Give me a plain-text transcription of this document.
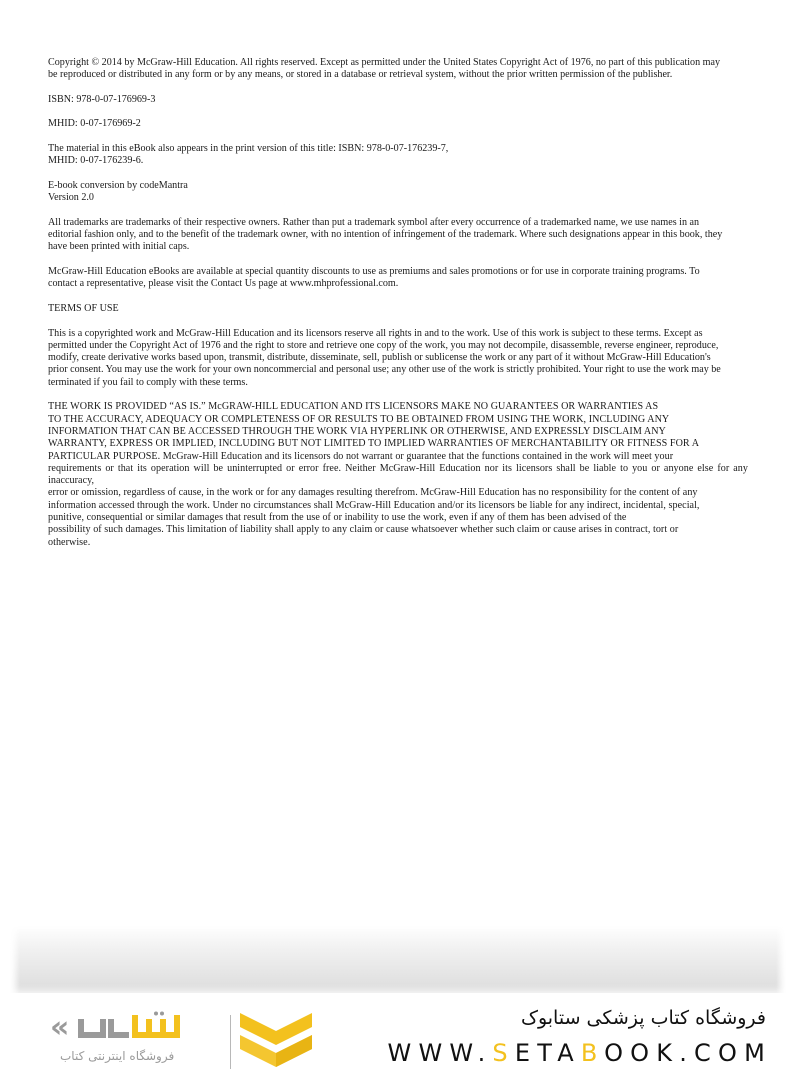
Copyright © 2014 by McGraw-Hill Education. All rights reserved. Except as permitted under the United States Copyright Act of 1976, no part of this publication may
be reproduced or distributed in any form or by any means, or stored in a database or retrieval system, without the prior written permission of the publisher.

ISBN: 978-0-07-176969-3

MHID: 0-07-176969-2

The material in this eBook also appears in the print version of this title: ISBN: 978-0-07-176239-7,
MHID: 0-07-176239-6.

E-book conversion by codeMantra
Version 2.0

All trademarks are trademarks of their respective owners. Rather than put a trademark symbol after every occurrence of a trademarked name, we use names in an
editorial fashion only, and to the benefit of the trademark owner, with no intention of infringement of the trademark. Where such designations appear in this book, they
have been printed with initial caps.

McGraw-Hill Education eBooks are available at special quantity discounts to use as premiums and sales promotions or for use in corporate training programs. To
contact a representative, please visit the Contact Us page at www.mhprofessional.com.

TERMS OF USE

This is a copyrighted work and McGraw-Hill Education and its licensors reserve all rights in and to the work. Use of this work is subject to these terms. Except as
permitted under the Copyright Act of 1976 and the right to store and retrieve one copy of the work, you may not decompile, disassemble, reverse engineer, reproduce,
modify, create derivative works based upon, transmit, distribute, disseminate, sell, publish or sublicense the work or any part of it without McGraw-Hill Education's
prior consent. You may use the work for your own noncommercial and personal use; any other use of the work is strictly prohibited. Your right to use the work may be
terminated if you fail to comply with these terms.

THE WORK IS PROVIDED “AS IS.” McGRAW-HILL EDUCATION AND ITS LICENSORS MAKE NO GUARANTEES OR WARRANTIES AS
TO THE ACCURACY, ADEQUACY OR COMPLETENESS OF OR RESULTS TO BE OBTAINED FROM USING THE WORK, INCLUDING ANY
INFORMATION THAT CAN BE ACCESSED THROUGH THE WORK VIA HYPERLINK OR OTHERWISE, AND EXPRESSLY DISCLAIM ANY
WARRANTY, EXPRESS OR IMPLIED, INCLUDING BUT NOT LIMITED TO IMPLIED WARRANTIES OF MERCHANTABILITY OR FITNESS FOR A
PARTICULAR PURPOSE. McGraw-Hill Education and its licensors do not warrant or guarantee that the functions contained in the work will meet your
requirements or that its operation will be uninterrupted or error free. Neither McGraw-Hill Education nor its licensors shall be liable to you or anyone else for any inaccuracy,
error or omission, regardless of cause, in the work or for any damages resulting therefrom. McGraw-Hill Education has no responsibility for the content of any
information accessed through the work. Under no circumstances shall McGraw-Hill Education and/or its licensors be liable for any indirect, incidental, special,
punitive, consequential or similar damages that result from the use of or inability to use the work, even if any of them has been advised of the
possibility of such damages. This limitation of liability shall apply to any claim or cause whatsoever whether such claim or cause arises in contract, tort or
otherwise.

«
فروشگاه اینترنتی کتاب
فروشگاه کتاب پزشکی ستابوک
WWW.SETABOOK.COM
